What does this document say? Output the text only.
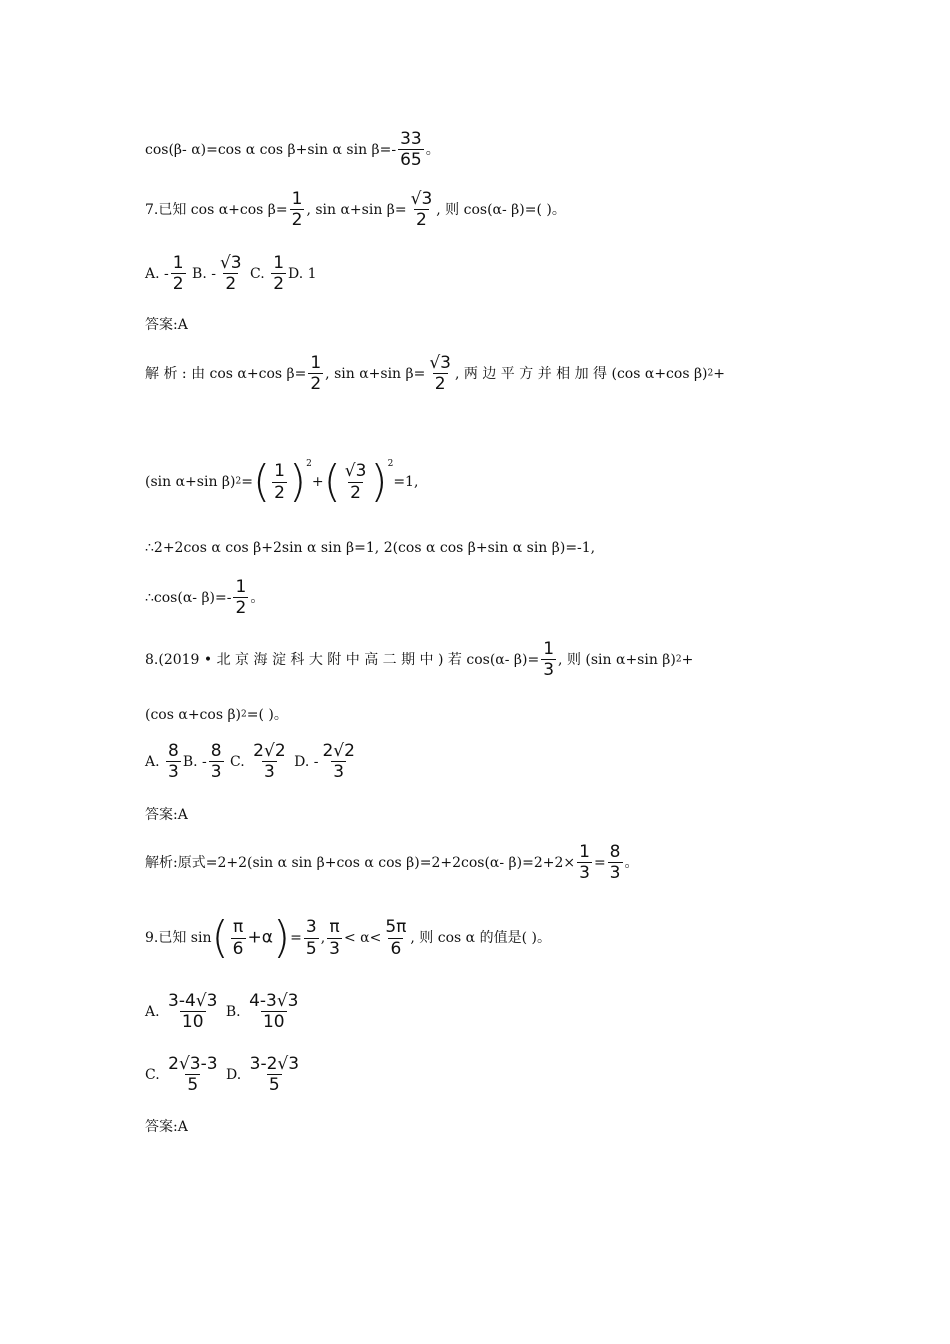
cos(β- α)=cos α cos β+sin α $\sin \beta=- \frac{33}{65}$ 。
7.已知 cos α+cos $\beta= \frac{1}{2}$ , sin α+sin $\beta= \frac{√3}{2}$ , 则 cos(α- β)=( )。
A. - $\frac{1}{2} B$. - $\frac{√3}{2} C$. $\frac{1}{2} D$. 1
答案:A
解 析 : 由 cos α+cos $\beta= \frac{1}{2}$ , sin α+sin $\beta= \frac{√3}{2}$ , 两 边 平 方 并 相 加 得 (cos α+cos β)2+
(sin α+sin $\beta)2=( \frac{1}{2} )^2+( \frac{√3}{2} )^2=1$,
∴2+2cos α cos β+2sin α sin β=1, 2(cos α cos β+sin α sin β)=-1,
∴cos(α- $\beta)=- \frac{1}{2}$ 。
8.(2019 • 北 京 海 淀 科 大 附 中 高 二 期 中 ) 若 cos(α- $\beta)= \frac{1}{3}$ , 则 (sin α+sin β)2+
(cos α+cos β)2=( )。
A. $\frac{8}{3} B$. - $\frac{8}{3} C$. $\frac{2√2}{3} D$. - $\frac{2√2}{3}$
答案:A
解析:原式=2+2(sin α sin β+cos α cos β)=2+2cos(α- $\beta)=2+2\times \frac{1}{3} = \frac{8}{3}$ 。
9.已知 $\sin( \frac{\pi}{6} +\alpha)= \frac{3}{5}$ , $\frac{\pi}{3} < \alpha< \frac{5\pi}{6}$ , 则 cos α 的值是( )。
A. $\frac{3-4√3}{10} B$. $\frac{4-3√3}{10}$
C. $\frac{2√3-3}{5} D$. $\frac{3-2√3}{5}$
答案:A
